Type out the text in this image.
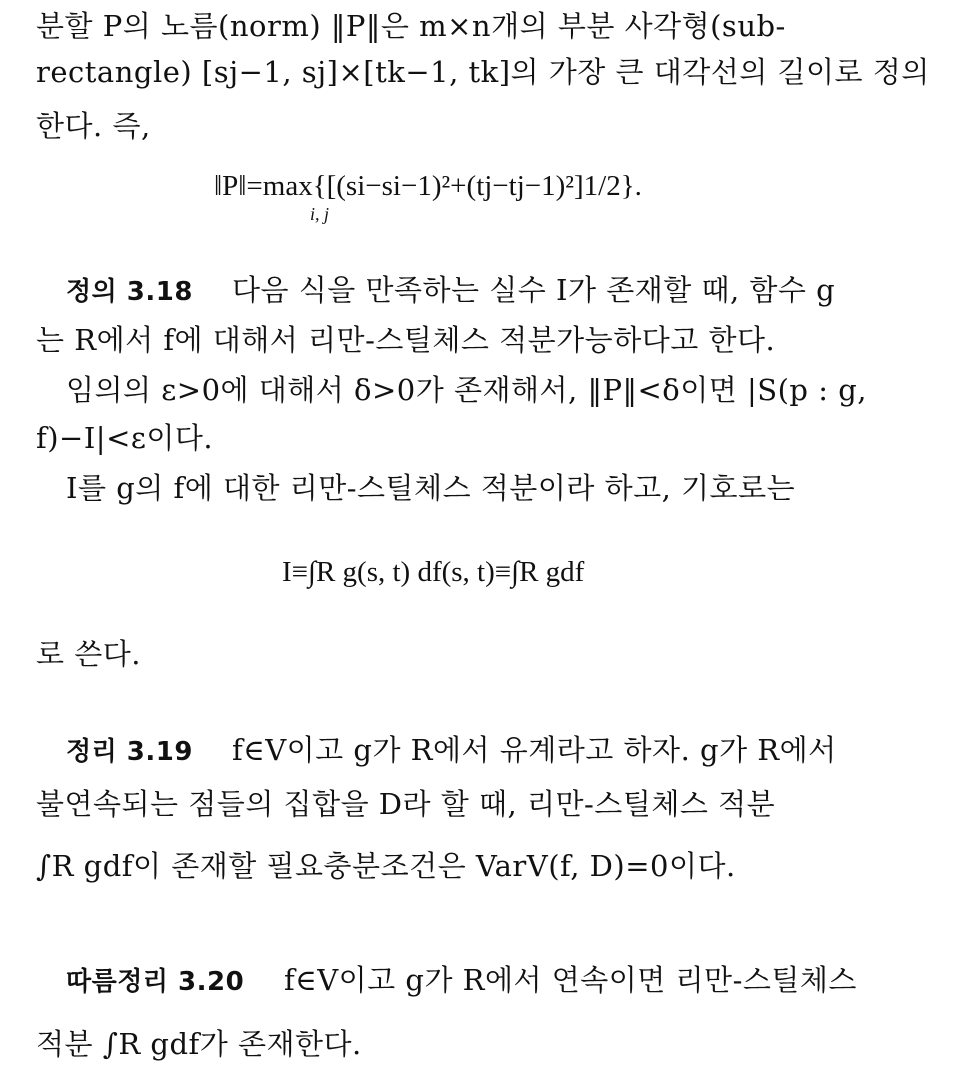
분할 P의 노름(norm) ‖P‖은 m×n개의 부분 사각형(sub-
rectangle) [sj−1, sj]×[tk−1, tk]의 가장 큰 대각선의 길이로 정의
한다. 즉,
‖P‖=max{[(si−si−1)²+(tj−tj−1)²]1/2}.
i, j
정의 3.18 다음 식을 만족하는 실수 I가 존재할 때, 함수 g
는 R에서 f에 대해서 리만-스틸체스 적분가능하다고 한다.
임의의 ε>0에 대해서 δ>0가 존재해서, ‖P‖<δ이면 |S(p : g,
f)−I|<ε이다.
I를 g의 f에 대한 리만-스틸체스 적분이라 하고, 기호로는
I≡∫R g(s, t) df(s, t)≡∫R gdf
로 쓴다.
정리 3.19 f∈V이고 g가 R에서 유계라고 하자. g가 R에서
불연속되는 점들의 집합을 D라 할 때, 리만-스틸체스 적분
∫R gdf이 존재할 필요충분조건은 VarV(f, D)=0이다.
따름정리 3.20 f∈V이고 g가 R에서 연속이면 리만-스틸체스
적분 ∫R gdf가 존재한다.
